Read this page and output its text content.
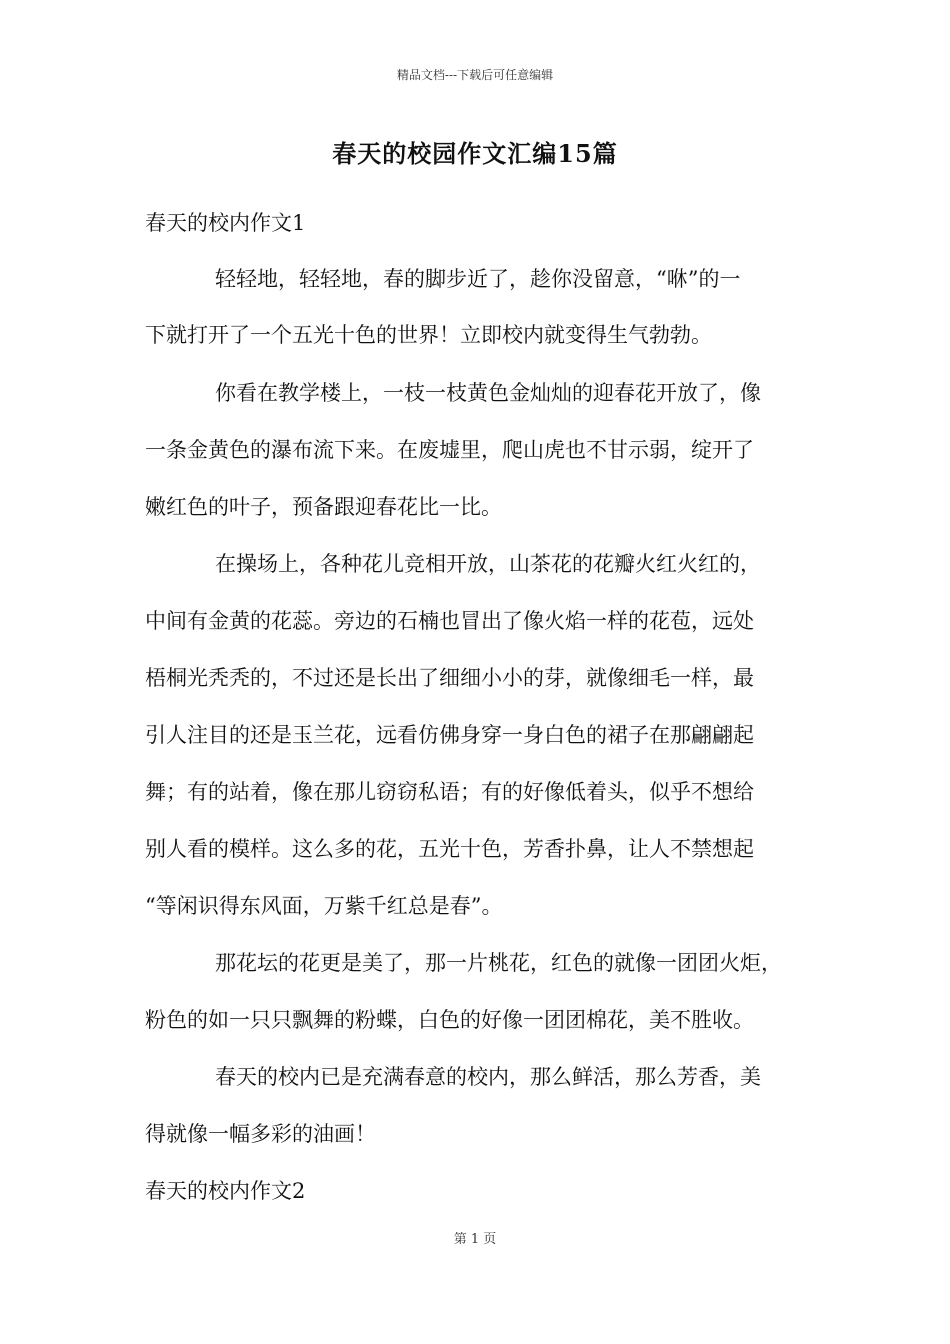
精品文档---下载后可任意编辑
春天的校园作文汇编15篇
春天的校内作文1
轻轻地，轻轻地，春的脚步近了，趁你没留意，“咻”的一
下就打开了一个五光十色的世界！立即校内就变得生气勃勃。
你看在教学楼上，一枝一枝黄色金灿灿的迎春花开放了，像
一条金黄色的瀑布流下来。在废墟里，爬山虎也不甘示弱，绽开了
嫩红色的叶子，预备跟迎春花比一比。
在操场上，各种花儿竞相开放，山茶花的花瓣火红火红的，
中间有金黄的花蕊。旁边的石楠也冒出了像火焰一样的花苞，远处
梧桐光秃秃的，不过还是长出了细细小小的芽，就像细毛一样，最
引人注目的还是玉兰花，远看仿佛身穿一身白色的裙子在那翩翩起
舞；有的站着，像在那儿窃窃私语；有的好像低着头，似乎不想给
别人看的模样。这么多的花，五光十色，芳香扑鼻，让人不禁想起
“等闲识得东风面，万紫千红总是春”。
那花坛的花更是美了，那一片桃花，红色的就像一团团火炬，
粉色的如一只只飘舞的粉蝶，白色的好像一团团棉花，美不胜收。
春天的校内已是充满春意的校内，那么鲜活，那么芳香，美
得就像一幅多彩的油画！
春天的校内作文2
第 1 页
